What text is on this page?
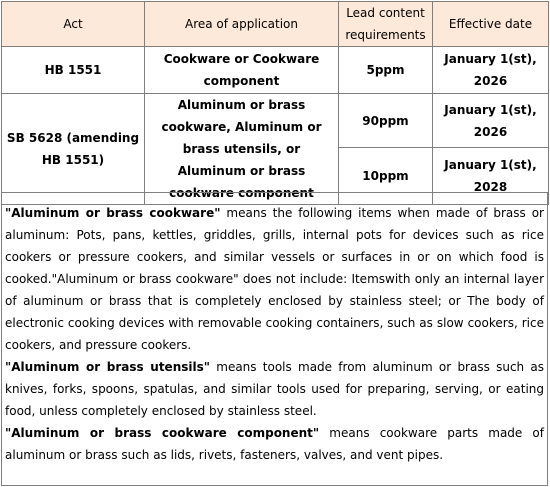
Act	Area of application	Lead content requirements	Effective date
HB 1551	Cookware or Cookware component	5ppm	January 1(st), 2026
SB 5628 (amending HB 1551)	Aluminum or brass cookware, Aluminum or brass utensils, or Aluminum or brass cookware component	90ppm	January 1(st), 2026
		10ppm	January 1(st), 2028

"Aluminum or brass cookware" means the following items when made of brass or aluminum: Pots, pans, kettles, griddles, grills, internal pots for devices such as rice cookers or pressure cookers, and similar vessels or surfaces in or on which food is cooked."Aluminum or brass cookware" does not include: Itemswith only an internal layer of aluminum or brass that is completely enclosed by stainless steel; or The body of electronic cooking devices with removable cooking containers, such as slow cookers, rice cookers, and pressure cookers.

"Aluminum or brass utensils" means tools made from aluminum or brass such as knives, forks, spoons, spatulas, and similar tools used for preparing, serving, or eating food, unless completely enclosed by stainless steel.

"Aluminum or brass cookware component" means cookware parts made of aluminum or brass such as lids, rivets, fasteners, valves, and vent pipes.
